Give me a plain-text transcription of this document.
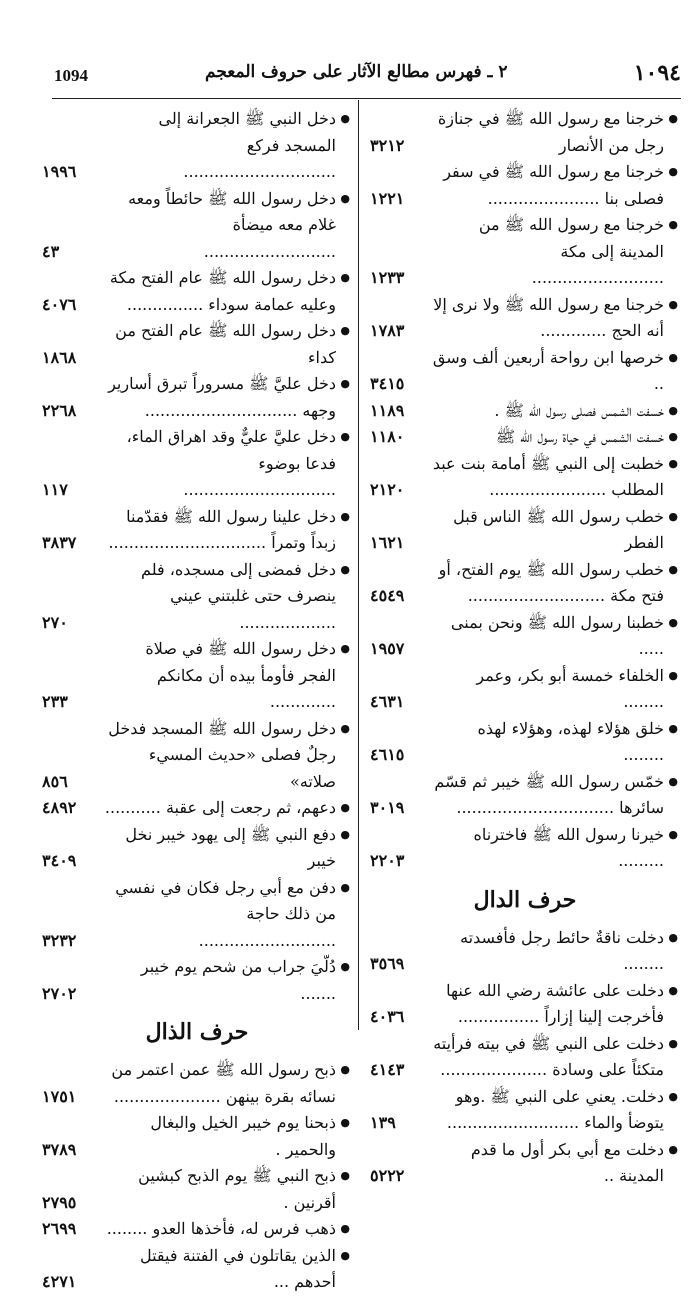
1094	٢ ـ فهرس مطالع الآثار على حروف المعجم	١٠٩٤
● خرجنا مع رسول الله ﷺ في جنازة رجل من الأنصار
٣٢١٢
● خرجنا مع رسول الله ﷺ في سفر فصلى بنا ......................
١٢٢١
● خرجنا مع رسول الله ﷺ من المدينة إلى مكة ..........................
١٢٣٣
● خرجنا مع رسول الله ﷺ ولا نرى إلا أنه الحج .............
١٧٨٣
● خرصها ابن رواحة أربعين ألف وسق ..
٣٤١٥
● خسفت الشمس فصلى رسول الله ﷺ .
١١٨٩
● خسفت الشمس في حياة رسول الله ﷺ
١١٨٠
● خطبت إلى النبي ﷺ أمامة بنت عبد المطلب .......................
٢١٢٠
● خطب رسول الله ﷺ الناس قبل الفطر
١٦٢١
● خطب رسول الله ﷺ يوم الفتح، أو فتح مكة ...........................
٤٥٤٩
● خطبنا رسول الله ﷺ ونحن بمنى .....
١٩٥٧
● الخلفاء خمسة أبو بكر، وعمر ........
٤٦٣١
● خلق هؤلاء لهذه، وهؤلاء لهذه ........
٤٦١٥
● خمّس رسول الله ﷺ خيبر ثم قسّم سائرها ...............................
٣٠١٩
● خيرنا رسول الله ﷺ فاخترناه .........
٢٢٠٣
حرف الدال
● دخلت ناقةٌ حائط رجل فأفسدته ........
٣٥٦٩
● دخلت على عائشة رضي الله عنها فأخرجت إلينا إزاراً ................
٤٠٣٦
● دخلت على النبي ﷺ في بيته فرأيته متكئاً على وسادة .....................
٤١٤٣
● دخلت. يعني على النبي ﷺ .وهو يتوضأ والماء ..........................
١٣٩
● دخلت مع أبي بكر أول ما قدم المدينة ..
٥٢٢٢
● دخل النبي ﷺ الجعرانة إلى المسجد فركع ..............................
١٩٩٦
● دخل رسول الله ﷺ حائطاً ومعه غلام معه ميضأة ..........................
٤٣
● دخل رسول الله ﷺ عام الفتح مكة وعليه عمامة سوداء ...............
٤٠٧٦
● دخل رسول الله ﷺ عام الفتح من كداء
١٨٦٨
● دخل عليَّ ﷺ مسروراً تبرق أسارير وجهه ..............................
٢٢٦٨
● دخل عليَّ عليٌّ وقد اهراق الماء، فدعا بوضوء ..............................
١١٧
● دخل علينا رسول الله ﷺ فقدّمنا زبداً وتمراً ...............................
٣٨٣٧
● دخل فمضى إلى مسجده، فلم ينصرف حتى غلبتني عيني ...................
٢٧٠
● دخل رسول الله ﷺ في صلاة الفجر فأومأ بيده أن مكانكم .............
٢٣٣
● دخل رسول الله ﷺ المسجد فدخل رجلٌ فصلى «حديث المسيء صلاته»
٨٥٦
● دعهم، ثم رجعت إلى عقبة ...........
٤٨٩٢
● دفع النبي ﷺ إلى يهود خيبر نخل خيبر
٣٤٠٩
● دفن مع أبي رجل فكان في نفسي من ذلك حاجة ...........................
٣٢٣٢
● دُلّيَ جراب من شحم يوم خيبر .......
٢٧٠٢
حرف الذال
● ذبح رسول الله ﷺ عمن اعتمر من نسائه بقرة بينهن .....................
١٧٥١
● ذبحنا يوم خيبر الخيل والبغال والحمير .
٣٧٨٩
● ذبح النبي ﷺ يوم الذبح كبشين أقرنين .
٢٧٩٥
● ذهب فرس له، فأخذها العدو ........
٢٦٩٩
● الذين يقاتلون في الفتنة فيقتل أحدهم ...
٤٢٧١
